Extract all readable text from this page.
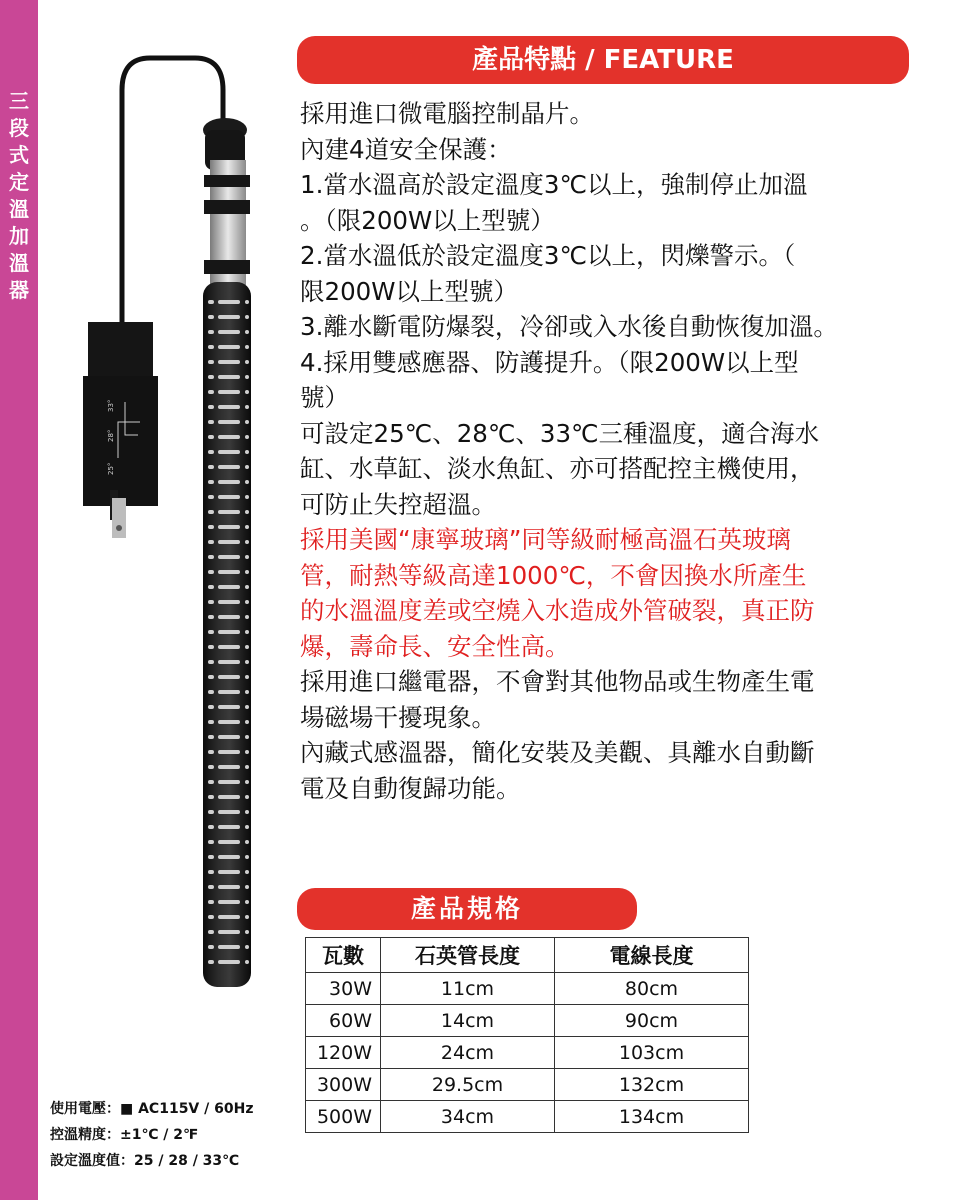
三
段
式
定
溫
加
溫
器
33°
28°
25°
產品特點 / FEATURE

採用進口微電腦控制晶片。

內建4道安全保護：

1.當水溫高於設定溫度3℃以上，強制停止加溫

。（限200W以上型號）

2.當水溫低於設定溫度3℃以上，閃爍警示。（

限200W以上型號）

3.離水斷電防爆裂，冷卻或入水後自動恢復加溫。

4.採用雙感應器、防護提升。（限200W以上型

號）

可設定25℃、28℃、33℃三種溫度，適合海水

缸、水草缸、淡水魚缸、亦可搭配控主機使用，

可防止失控超溫。

採用美國“康寧玻璃”同等級耐極高溫石英玻璃

管，耐熱等級高達1000℃，不會因換水所產生

的水溫溫度差或空燒入水造成外管破裂，真正防

爆，壽命長、安全性高。

採用進口繼電器，不會對其他物品或生物產生電

場磁場干擾現象。

內藏式感溫器，簡化安裝及美觀、具離水自動斷

電及自動復歸功能。

產品規格
瓦數	石英管長度	電線長度
30W	11cm	80cm
60W	14cm	90cm
120W	24cm	103cm
300W	29.5cm	132cm
500W	34cm	134cm
使用電壓：■ AC115V / 60Hz
控溫精度：±1℃ / 2℉
設定溫度值：25 / 28 / 33℃
